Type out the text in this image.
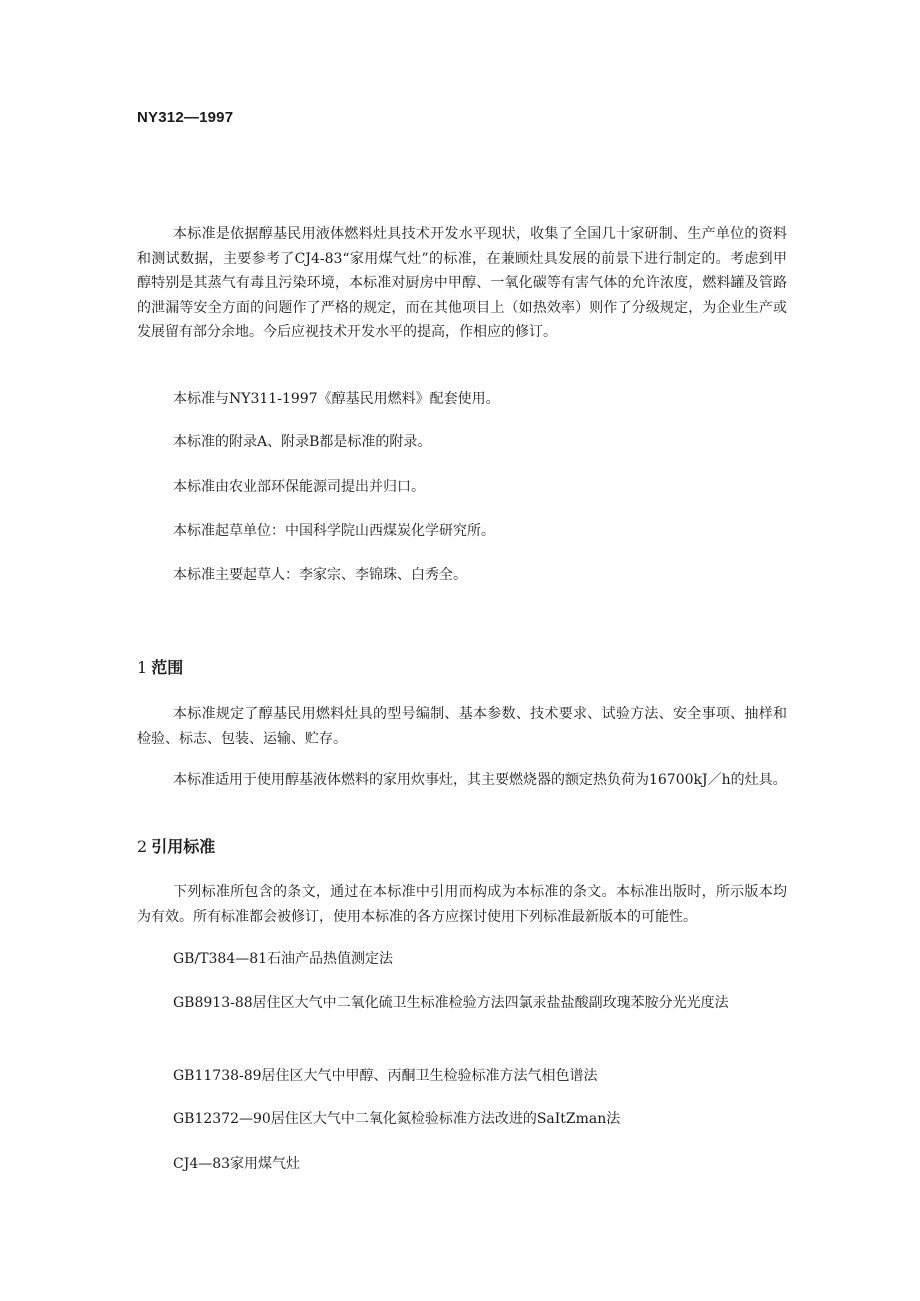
NY312—1997

本标准是依据醇基民用液体燃料灶具技术开发水平现状，收集了全国几十家研制、生产单位的资料和测试数据，主要参考了CJ4-83“家用煤气灶”的标准，在兼顾灶具发展的前景下进行制定的。考虑到甲醇特别是其蒸气有毒且污染环境，本标准对厨房中甲醇、一氧化碳等有害气体的允许浓度，燃料罐及管路的泄漏等安全方面的问题作了严格的规定，而在其他项目上（如热效率）则作了分级规定，为企业生产或发展留有部分余地。今后应视技术开发水平的提高，作相应的修订。

本标准与NY311-1997《醇基民用燃料》配套使用。

本标准的附录A、附录B都是标准的附录。

本标准由农业部环保能源司提出并归口。

本标准起草单位：中国科学院山西煤炭化学研究所。

本标准主要起草人：李家宗、李锦珠、白秀全。

1 范围

本标准规定了醇基民用燃料灶具的型号编制、基本参数、技术要求、试验方法、安全事项、抽样和检验、标志、包装、运输、贮存。

本标准适用于使用醇基液体燃料的家用炊事灶，其主要燃烧器的额定热负荷为16700kJ／h的灶具。

2 引用标准

下列标准所包含的条文，通过在本标准中引用而构成为本标准的条文。本标准出版时，所示版本均为有效。所有标准都会被修订，使用本标准的各方应探讨使用下列标准最新版本的可能性。

GB/T384—81石油产品热值测定法

GB8913-88居住区大气中二氧化硫卫生标准检验方法四氯汞盐盐酸副玫瑰苯胺分光光度法

GB11738-89居住区大气中甲醇、丙酮卫生检验标准方法气相色谱法

GB12372—90居住区大气中二氧化氮检验标准方法改进的SaItZman法

CJ4—83家用煤气灶
